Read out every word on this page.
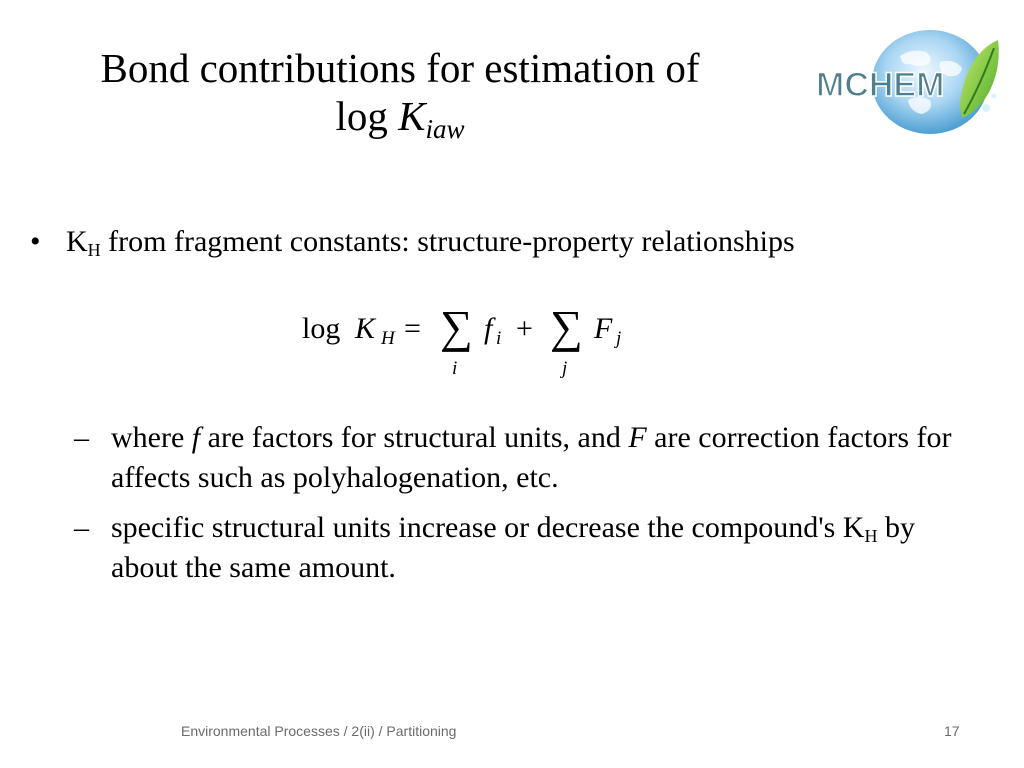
Bond contributions for estimation of
$\log K_{iaw}$
MCHEM
• $K_H$ from fragment constants: structure-property relationships
log K H = ∑
i
f i + ∑
j
F j
– where f are factors for structural units, and F are correction factors for affects such as polyhalogenation, etc.
– specific structural units increase or decrease the compound's $K_H$ by about the same amount.
Environmental Processes / 2(ii) / Partitioning	17
